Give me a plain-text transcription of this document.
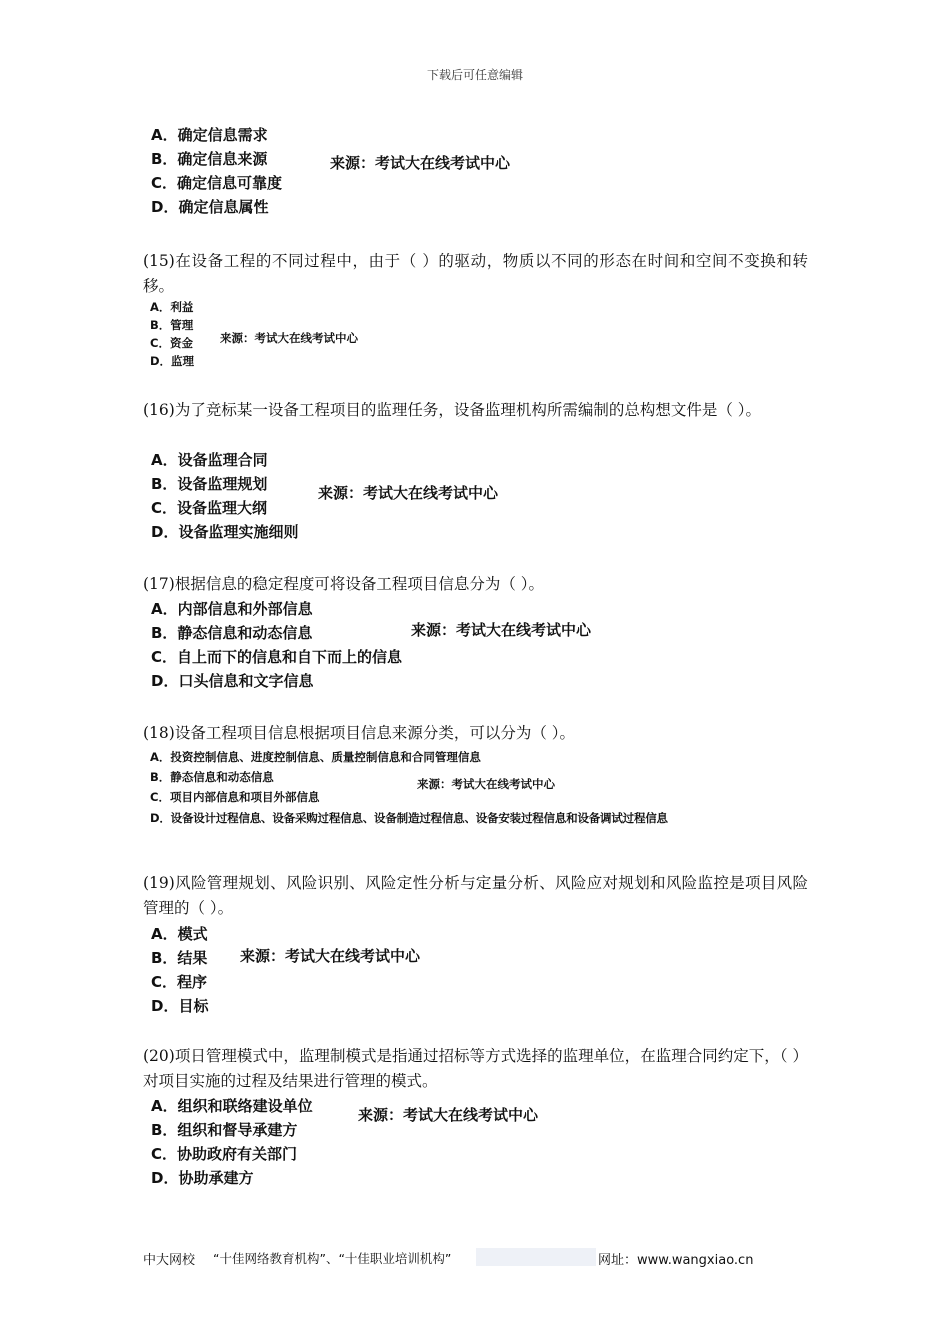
下载后可任意编辑
A．确定信息需求
B．确定信息来源
C．确定信息可靠度
D．确定信息属性
来源：考试大在线考试中心
(15)在设备工程的不同过程中，由于（ ）的驱动，物质以不同的形态在时间和空间不变换和转移。
A．利益
B．管理
C．资金
D．监理
来源：考试大在线考试中心
(16)为了竞标某一设备工程项目的监理任务，设备监理机构所需编制的总构想文件是（ ）。
A．设备监理合同
B．设备监理规划
C．设备监理大纲
D．设备监理实施细则
来源：考试大在线考试中心
(17)根据信息的稳定程度可将设备工程项目信息分为（ ）。
A．内部信息和外部信息
B．静态信息和动态信息
C．自上而下的信息和自下而上的信息
D．口头信息和文字信息
来源：考试大在线考试中心
(18)设备工程项目信息根据项目信息来源分类，可以分为（ ）。
A．投资控制信息、进度控制信息、质量控制信息和合同管理信息
B．静态信息和动态信息
C．项目内部信息和项目外部信息
D．设备设计过程信息、设备采购过程信息、设备制造过程信息、设备安装过程信息和设备调试过程信息
来源：考试大在线考试中心
(19)风险管理规划、风险识别、风险定性分析与定量分析、风险应对规划和风险监控是项目风险管理的（ ）。
A．模式
B．结果
C．程序
D．目标
来源：考试大在线考试中心
(20)项日管理模式中，监理制模式是指通过招标等方式选择的监理单位，在监理合同约定下，（ ）对项目实施的过程及结果进行管理的模式。
A．组织和联络建设单位
B．组织和督导承建方
C．协助政府有关部门
D．协助承建方
来源：考试大在线考试中心
中大网校 “十佳网络教育机构”、“十佳职业培训机构”	网址：www.wangxiao.cn
